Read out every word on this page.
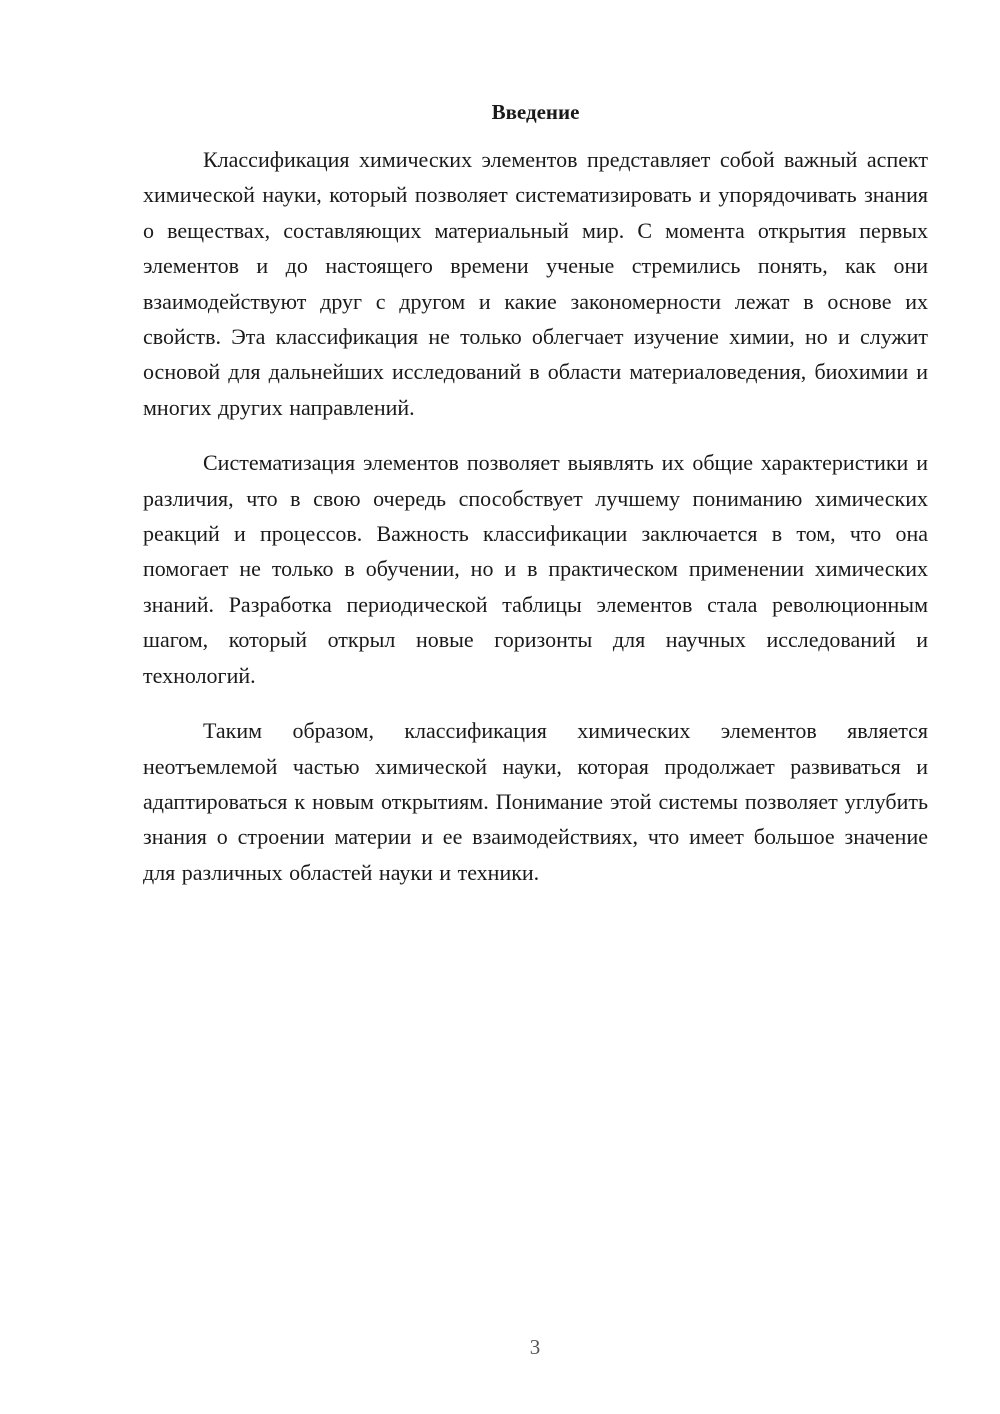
Введение

Классификация химических элементов представляет собой важный аспект химической науки, который позволяет систематизировать и упорядочивать знания о веществах, составляющих материальный мир. С момента открытия первых элементов и до настоящего времени ученые стремились понять, как они взаимодействуют друг с другом и какие закономерности лежат в основе их свойств. Эта классификация не только облегчает изучение химии, но и служит основой для дальнейших исследований в области материаловедения, биохимии и многих других направлений.

Систематизация элементов позволяет выявлять их общие характеристики и различия, что в свою очередь способствует лучшему пониманию химических реакций и процессов. Важность классификации заключается в том, что она помогает не только в обучении, но и в практическом применении химических знаний. Разработка периодической таблицы элементов стала революционным шагом, который открыл новые горизонты для научных исследований и технологий.

Таким образом, классификация химических элементов является неотъемлемой частью химической науки, которая продолжает развиваться и адаптироваться к новым открытиям. Понимание этой системы позволяет углубить знания о строении материи и ее взаимодействиях, что имеет большое значение для различных областей науки и техники.

3
